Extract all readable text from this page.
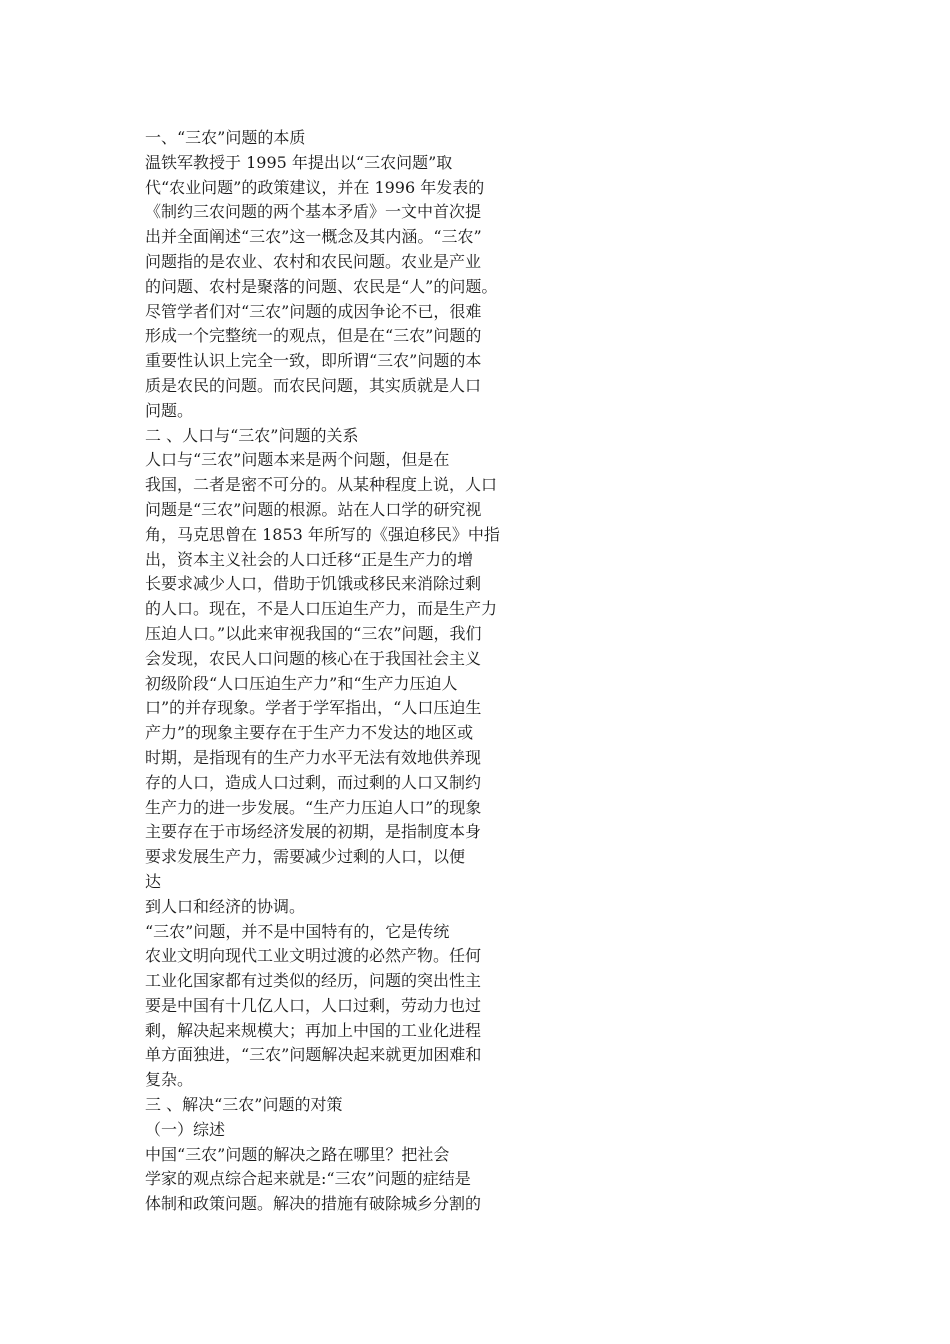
一、“三农”问题的本质
温铁军教授于 1995 年提出以“三农问题”取
代“农业问题”的政策建议，并在 1996 年发表的
《制约三农问题的两个基本矛盾》一文中首次提
出并全面阐述“三农”这一概念及其内涵。“三农”
问题指的是农业、农村和农民问题。农业是产业
的问题、农村是聚落的问题、农民是“人”的问题。
尽管学者们对“三农”问题的成因争论不已，很难
形成一个完整统一的观点，但是在“三农”问题的
重要性认识上完全一致，即所谓“三农”问题的本
质是农民的问题。而农民问题，其实质就是人口
问题。
二 、人口与“三农”问题的关系
人口与“三农”问题本来是两个问题，但是在
我国，二者是密不可分的。从某种程度上说，人口
问题是“三农”问题的根源。站在人口学的研究视
角，马克思曾在 1853 年所写的《强迫移民》中指
出，资本主义社会的人口迁移“正是生产力的增
长要求减少人口，借助于饥饿或移民来消除过剩
的人口。现在，不是人口压迫生产力，而是生产力
压迫人口。”以此来审视我国的“三农”问题，我们
会发现，农民人口问题的核心在于我国社会主义
初级阶段“人口压迫生产力”和“生产力压迫人
口”的并存现象。学者于学军指出，“人口压迫生
产力”的现象主要存在于生产力不发达的地区或
时期，是指现有的生产力水平无法有效地供养现
存的人口，造成人口过剩，而过剩的人口又制约
生产力的进一步发展。“生产力压迫人口”的现象
主要存在于市场经济发展的初期，是指制度本身
要求发展生产力，需要减少过剩的人口，以便
达
到人口和经济的协调。
“三农”问题，并不是中国特有的，它是传统
农业文明向现代工业文明过渡的必然产物。任何
工业化国家都有过类似的经历，问题的突出性主
要是中国有十几亿人口，人口过剩，劳动力也过
剩，解决起来规模大；再加上中国的工业化进程
单方面独进，“三农”问题解决起来就更加困难和
复杂。
三 、解决“三农”问题的对策
（一）综述
中国“三农”问题的解决之路在哪里？把社会
学家的观点综合起来就是:“三农”问题的症结是
体制和政策问题。解决的措施有破除城乡分割的
